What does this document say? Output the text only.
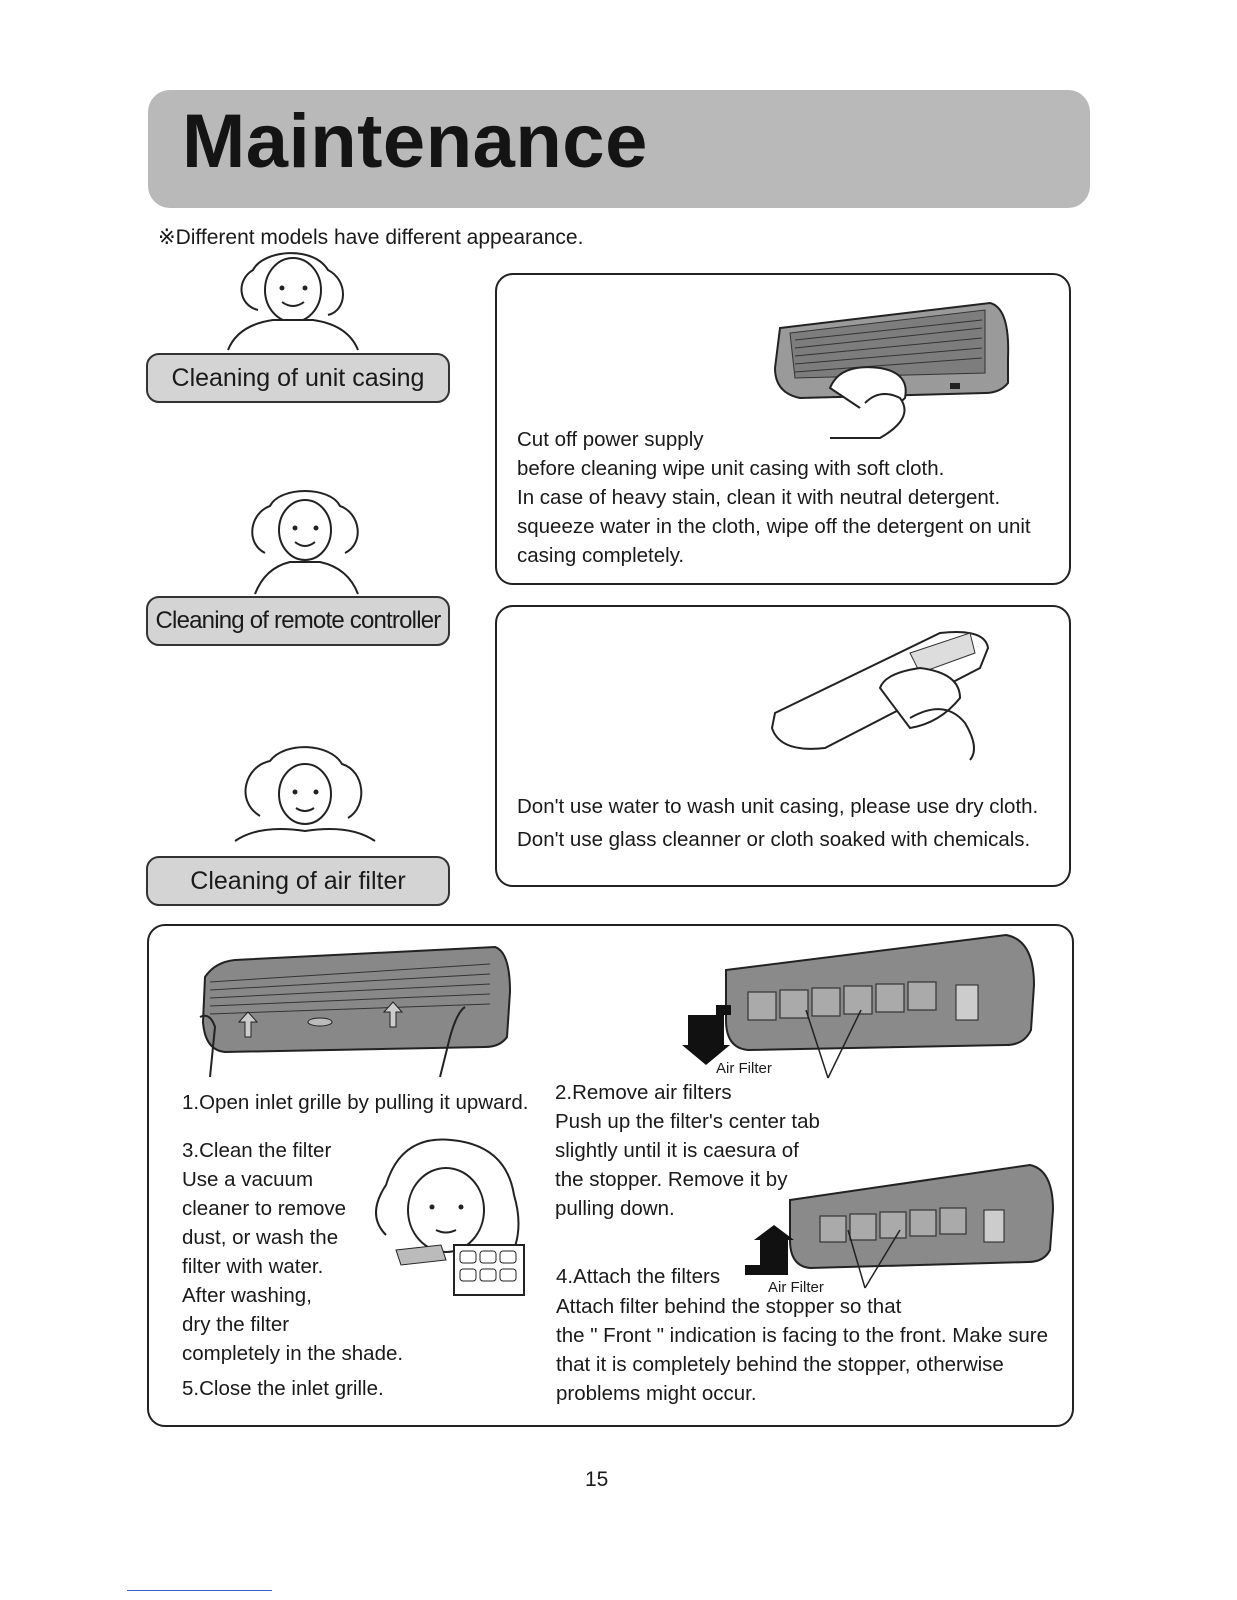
Maintenance
※Different models have different appearance.
Cleaning of unit casing
Cleaning of remote controller
Cleaning of air filter
Cut off power supply
before cleaning wipe unit casing with soft cloth.
In case of heavy stain, clean it with neutral detergent.
squeeze water in the cloth, wipe off the detergent on unit
casing completely.
Don't use water to wash unit casing, please use dry cloth.
Don't use glass cleanner or cloth soaked with chemicals.
1.Open inlet grille by pulling it upward.
Air Filter
2.Remove air filters
Push up the filter's center tab
slightly until it is caesura of
the stopper. Remove it by
pulling down.
3.Clean the filter
Use a vacuum
cleaner to remove
dust, or wash the
filter with water.
After washing,
dry the filter
completely in the shade.
Air Filter
4.Attach the filters
Attach filter behind the stopper so that
the " Front " indication is facing to the front. Make sure
that it is completely behind the stopper, otherwise
problems might occur.
5.Close the inlet grille.
15
